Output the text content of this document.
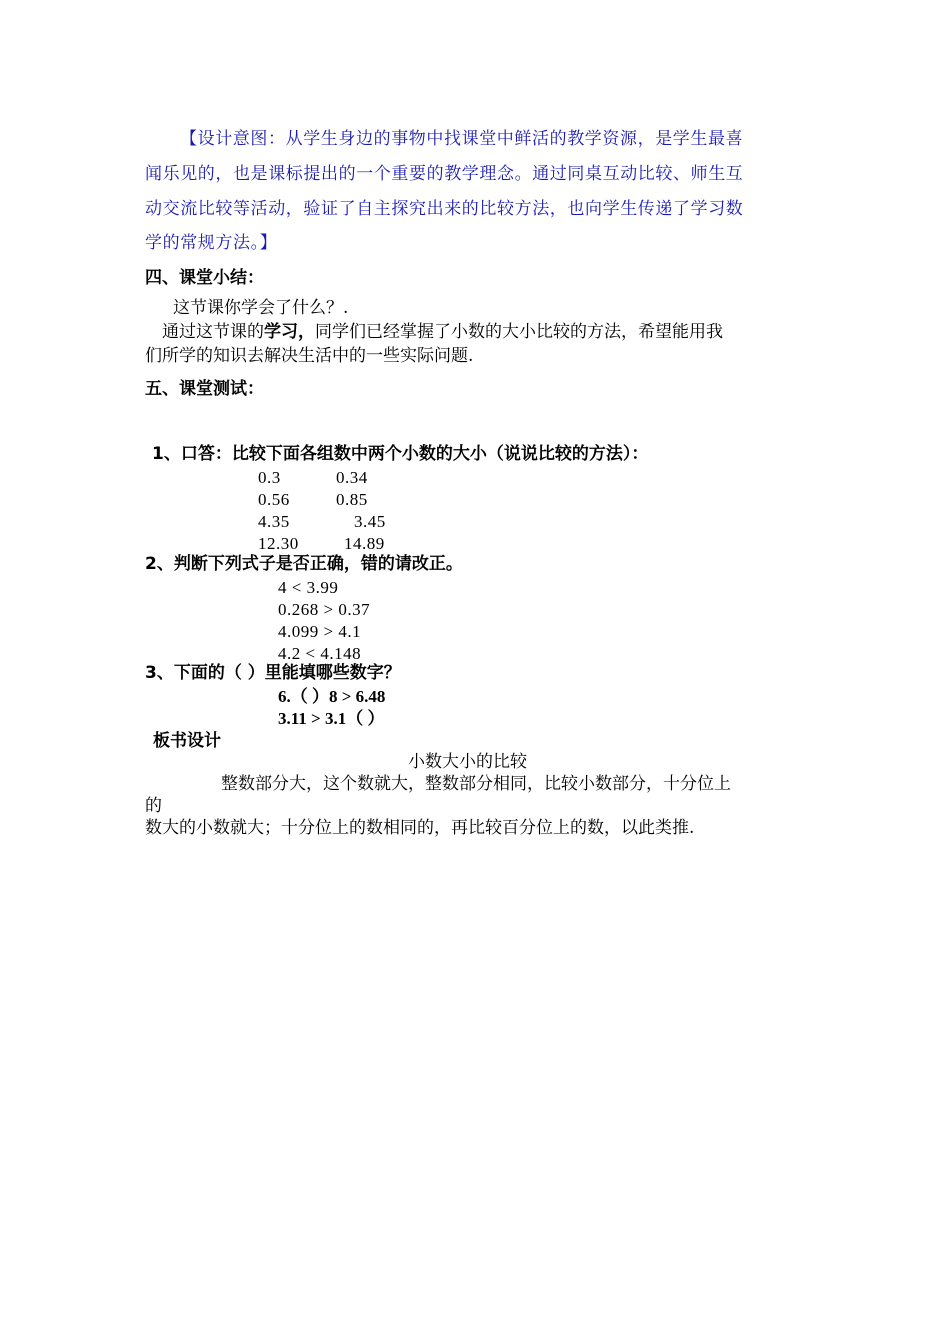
【设计意图：从学生身边的事物中找课堂中鲜活的教学资源，是学生最喜
闻乐见的，也是课标提出的一个重要的教学理念。通过同桌互动比较、师生互
动交流比较等活动，验证了自主探究出来的比较方法，也向学生传递了学习数
学的常规方法。】
四、课堂小结：
这节课你学会了什么？.
通过这节课的学习，同学们已经掌握了小数的大小比较的方法，希望能用我
们所学的知识去解决生活中的一些实际问题.
五、课堂测试：
1、口答：比较下面各组数中两个小数的大小（说说比较的方法）：
0.3	0.34
0.56	0.85
4.35	3.45
12.30	14.89
2、判断下列式子是否正确，错的请改正。
4 < 3.99
0.268 > 0.37
4.099 > 4.1
4.2 < 4.148
3、下面的（ ）里能填哪些数字？
6.（ ）8 > 6.48
3.11 > 3.1（ ）
板书设计
小数大小的比较
整数部分大，这个数就大，整数部分相同，比较小数部分，十分位上
的
数大的小数就大；十分位上的数相同的，再比较百分位上的数，以此类推.
